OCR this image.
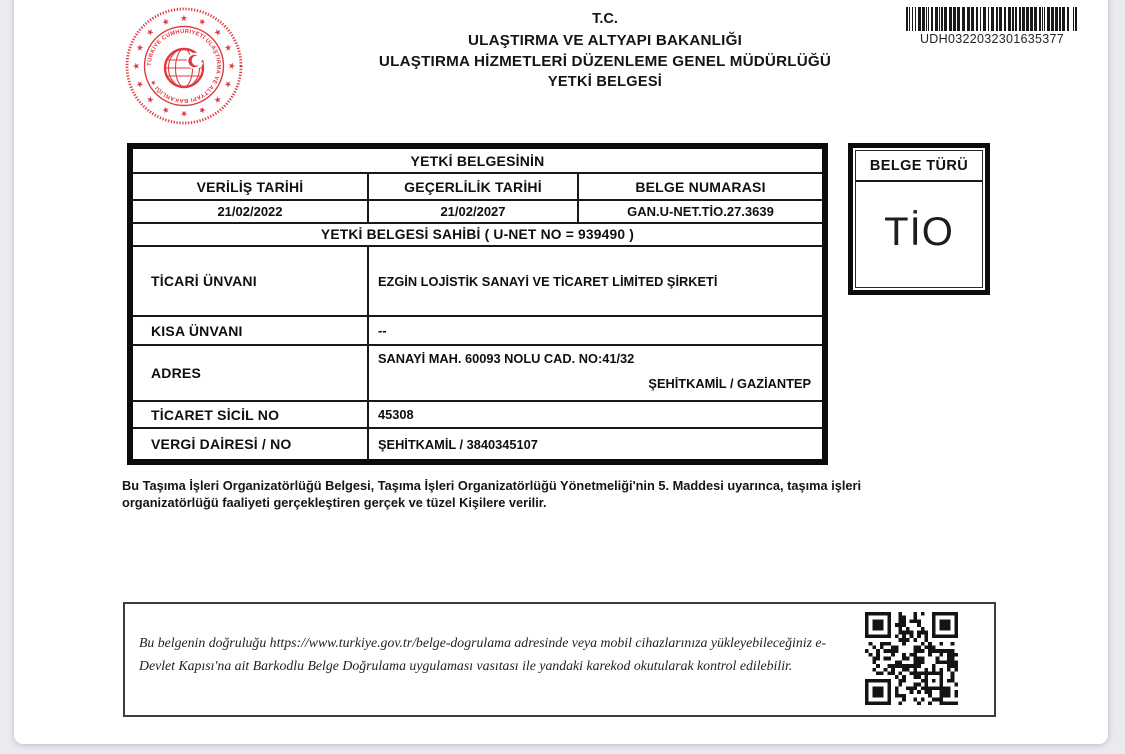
★
★
★
★
★
★
★
★
★
★
★
★ ★ ★
★
★
TÜRKİYE CUMHURİYETİ ULAŞTIRMA VE ALTYAPI BAKANLIĞI ★
★
T.C.
ULAŞTIRMA VE ALTYAPI BAKANLIĞI
ULAŞTIRMA HİZMETLERİ DÜZENLEME GENEL MÜDÜRLÜĞÜ
YETKİ BELGESİ
UDH0322032301635377
YETKİ BELGESİNİN
VERİLİŞ TARİHİ	GEÇERLİLİK TARİHİ	BELGE NUMARASI
21/02/2022	21/02/2027	GAN.U-NET.TİO.27.3639
YETKİ BELGESİ SAHİBİ ( U-NET NO = 939490 )
TİCARİ ÜNVANI	EZGİN LOJİSTİK SANAYİ VE TİCARET LİMİTED ŞİRKETİ
KISA ÜNVANI	--
ADRES
SANAYİ MAH. 60093 NOLU CAD. NO:41/32
ŞEHİTKAMİL / GAZİANTEP
TİCARET SİCİL NO	45308
VERGİ DAİRESİ / NO	ŞEHİTKAMİL / 3840345107
BELGE TÜRÜ
TİO
Bu Taşıma İşleri Organizatörlüğü Belgesi, Taşıma İşleri Organizatörlüğü Yönetmeliği'nin 5. Maddesi uyarınca, taşıma işleri organizatörlüğü faaliyeti gerçekleştiren gerçek ve tüzel Kişilere verilir.
Bu belgenin doğruluğu https://www.turkiye.gov.tr/belge-dogrulama adresinde veya mobil cihazlarınıza yükleyebileceğiniz e-Devlet Kapısı'na ait Barkodlu Belge Doğrulama uygulaması vasıtası ile yandaki karekod okutularak kontrol edilebilir.
